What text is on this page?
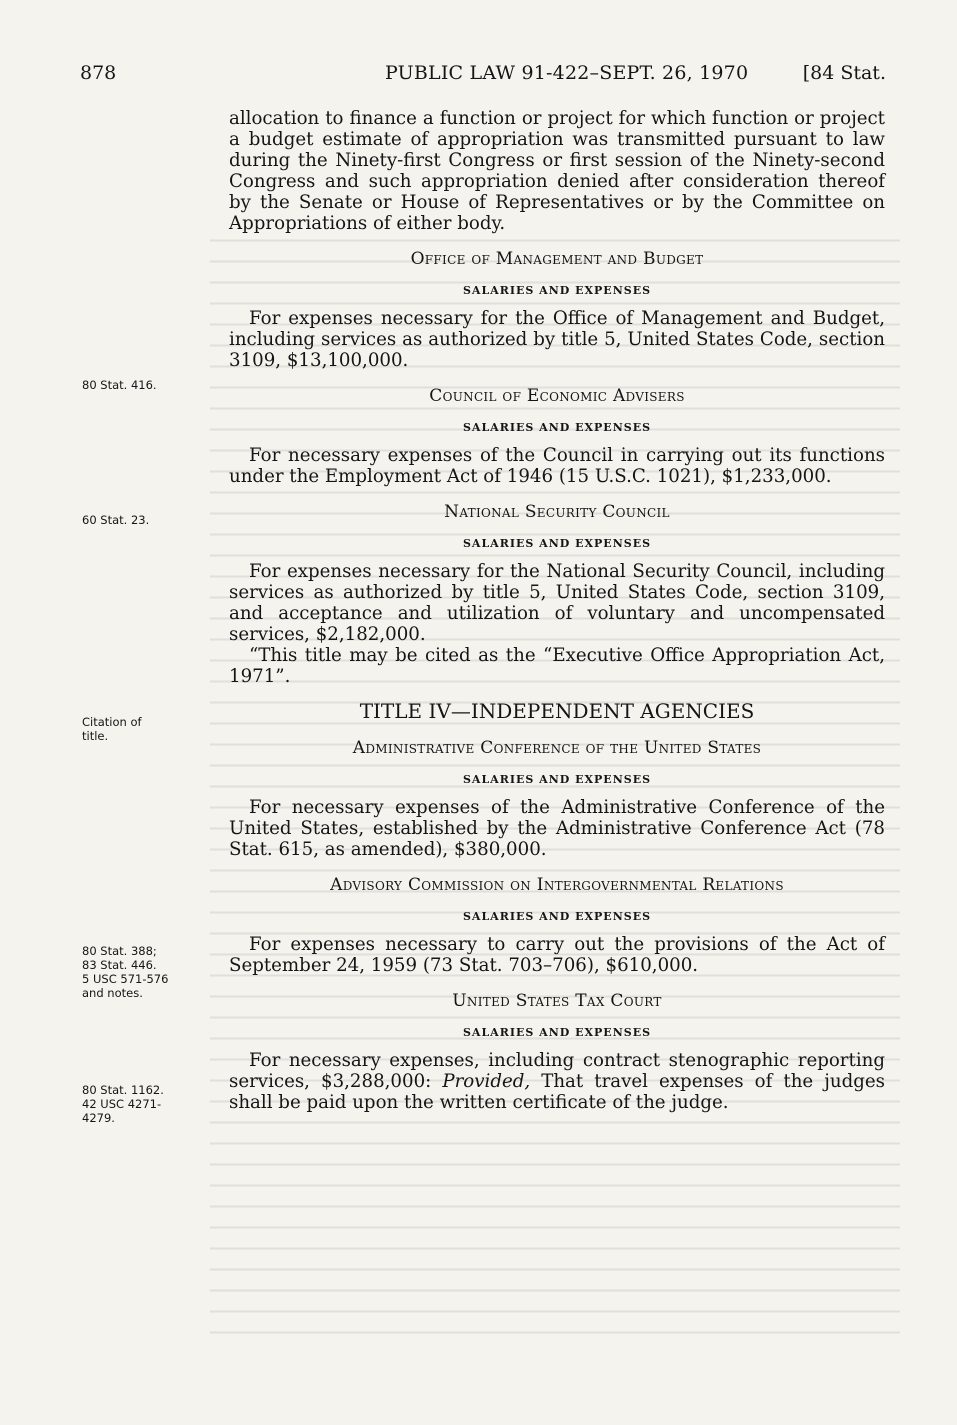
878	PUBLIC LAW 91-422–SEPT. 26, 1970	[84 Stat.

allocation to finance a function or project for which function or project a budget estimate of appropriation was transmitted pursuant to law during the Ninety-first Congress or first session of the Ninety-second Congress and such appropriation denied after consideration thereof by the Senate or House of Representatives or by the Committee on Appropriations of either body.

Office of Management and Budget
SALARIES AND EXPENSES

For expenses necessary for the Office of Management and Budget, including services as authorized by title 5, United States Code, section 3109, $13,100,000.

Council of Economic Advisers
SALARIES AND EXPENSES

For necessary expenses of the Council in carrying out its functions under the Employment Act of 1946 (15 U.S.C. 1021), $1,233,000.

National Security Council
SALARIES AND EXPENSES

For expenses necessary for the National Security Council, including services as authorized by title 5, United States Code, section 3109, and acceptance and utilization of voluntary and uncompensated services, $2,182,000.

“This title may be cited as the “Executive Office Appropriation Act, 1971”.

TITLE IV—INDEPENDENT AGENCIES
Administrative Conference of the United States
SALARIES AND EXPENSES

For necessary expenses of the Administrative Conference of the United States, established by the Administrative Conference Act (78 Stat. 615, as amended), $380,000.

Advisory Commission on Intergovernmental Relations
SALARIES AND EXPENSES

For expenses necessary to carry out the provisions of the Act of September 24, 1959 (73 Stat. 703–706), $610,000.

United States Tax Court
SALARIES AND EXPENSES

For necessary expenses, including contract stenographic reporting services, $3,288,000: Provided, That travel expenses of the judges shall be paid upon the written certificate of the judge.

80 Stat. 416.
60 Stat. 23.
Citation of
title.
80 Stat. 388;
83 Stat. 446.
5 USC 571-576
and notes.
80 Stat. 1162.
42 USC 4271-
4279.
